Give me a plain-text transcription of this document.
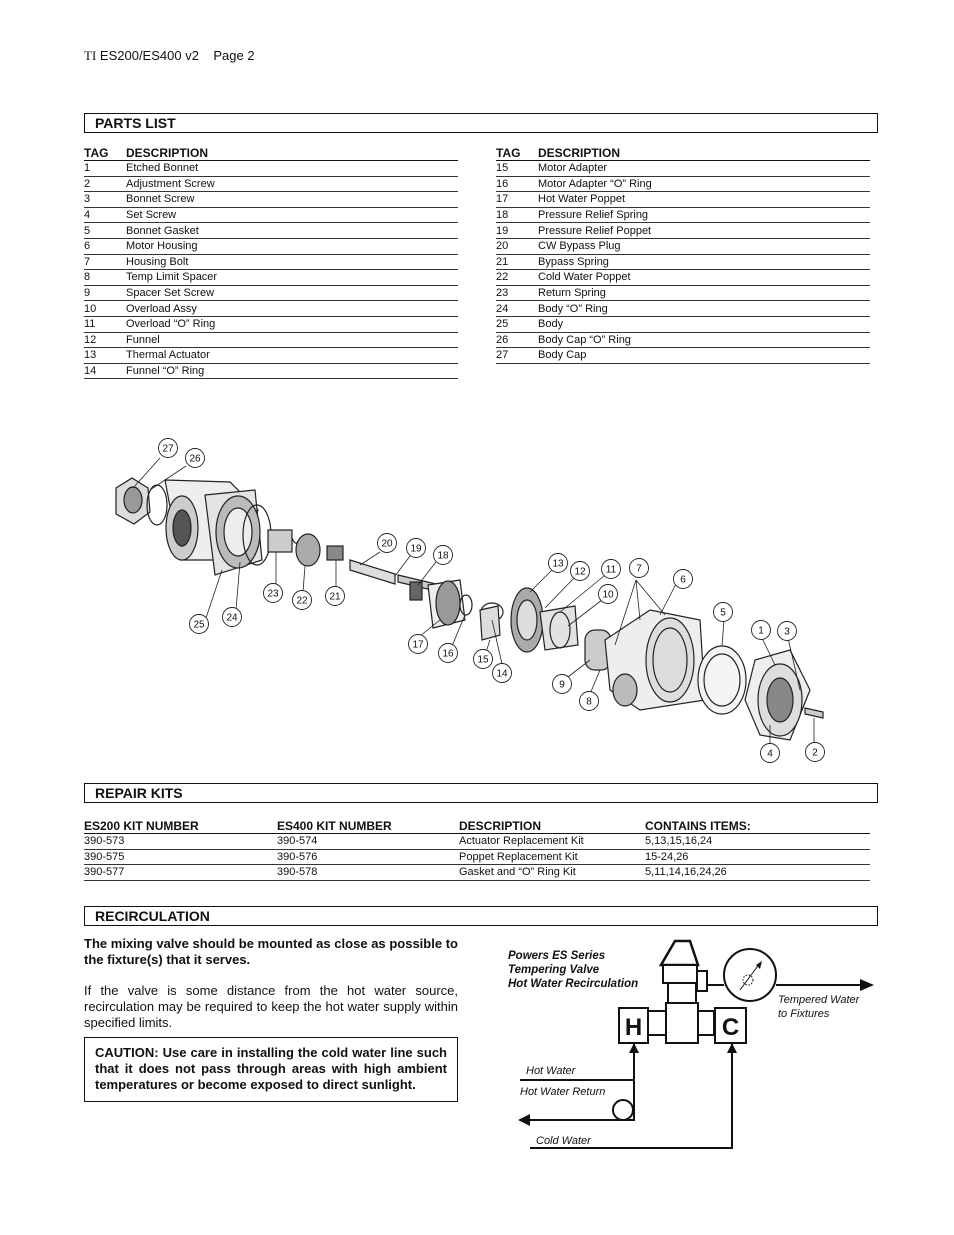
TI ES200/ES400 v2 Page 2
PARTS LIST
TAG	DESCRIPTION
1	Etched Bonnet
2	Adjustment Screw
3	Bonnet Screw
4	Set Screw
5	Bonnet Gasket
6	Motor Housing
7	Housing Bolt
8	Temp Limit Spacer
9	Spacer Set Screw
10	Overload Assy
11	Overload “O” Ring
12	Funnel
13	Thermal Actuator
14	Funnel “O” Ring
TAG	DESCRIPTION
15	Motor Adapter
16	Motor Adapter “O” Ring
17	Hot Water Poppet
18	Pressure Relief Spring
19	Pressure Relief Poppet
20	CW Bypass Plug
21	Bypass Spring
22	Cold Water Poppet
23	Return Spring
24	Body “O” Ring
25	Body
26	Body Cap “O” Ring
27	Body Cap
27
26
25
24
23
22 21
20 19
18
17
16
15
14
13
12 11
10
9
8
7
6
5
1 3
4	2
REPAIR KITS
ES200 KIT NUMBER	ES400 KIT NUMBER	DESCRIPTION	CONTAINS ITEMS:
390-573	390-574	Actuator Replacement Kit	5,13,15,16,24
390-575	390-576	Poppet Replacement Kit	15-24,26
390-577	390-578	Gasket and “O” Ring Kit	5,11,14,16,24,26
RECIRCULATION

The mixing valve should be mounted as close as possible to the fixture(s) that it serves.

If the valve is some distance from the hot water source, recirculation may be required to keep the hot water supply within specified limits.

CAUTION: Use care in installing the cold water line such that it does not pass through areas with high ambient temperatures or become exposed to direct sunlight.
Powers ES Series
Tempering Valve
Hot Water Recirculation
H	C
Tempered Water
to Fixtures
Hot Water
Hot Water Return
Cold Water
